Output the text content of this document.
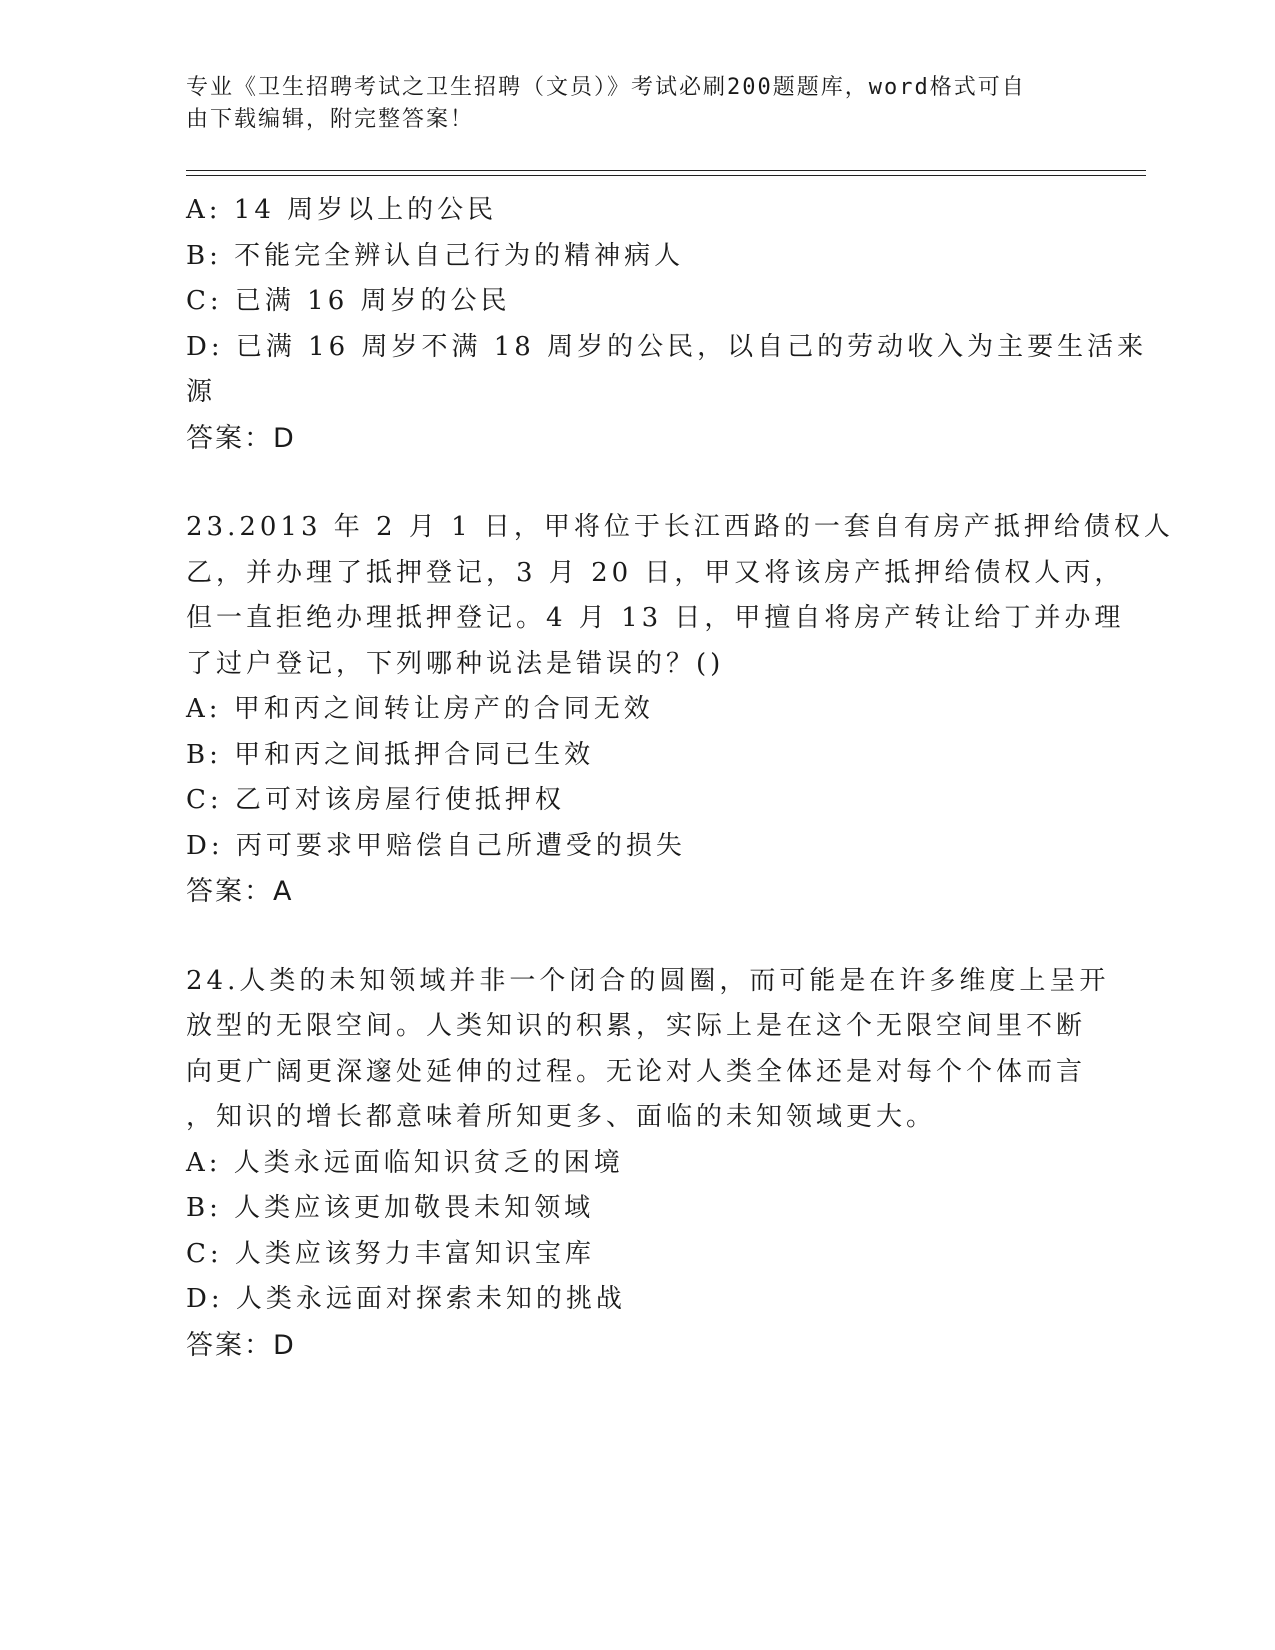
专业《卫生招聘考试之卫生招聘（文员）》考试必刷200题题库，word格式可自
由下载编辑，附完整答案！
A: 14 周岁以上的公民
B: 不能完全辨认自己行为的精神病人
C: 已满 16 周岁的公民
D: 已满 16 周岁不满 18 周岁的公民，以自己的劳动收入为主要生活来
源
答案：D
23.2013 年 2 月 1 日，甲将位于长江西路的一套自有房产抵押给债权人
乙，并办理了抵押登记，3 月 20 日，甲又将该房产抵押给债权人丙，
但一直拒绝办理抵押登记。4 月 13 日，甲擅自将房产转让给丁并办理
了过户登记，下列哪种说法是错误的？()
A: 甲和丙之间转让房产的合同无效
B: 甲和丙之间抵押合同已生效
C: 乙可对该房屋行使抵押权
D: 丙可要求甲赔偿自己所遭受的损失
答案：A
24.人类的未知领域并非一个闭合的圆圈，而可能是在许多维度上呈开
放型的无限空间。人类知识的积累，实际上是在这个无限空间里不断
向更广阔更深邃处延伸的过程。无论对人类全体还是对每个个体而言
，知识的增长都意味着所知更多、面临的未知领域更大。
A: 人类永远面临知识贫乏的困境
B: 人类应该更加敬畏未知领域
C: 人类应该努力丰富知识宝库
D: 人类永远面对探索未知的挑战
答案：D
